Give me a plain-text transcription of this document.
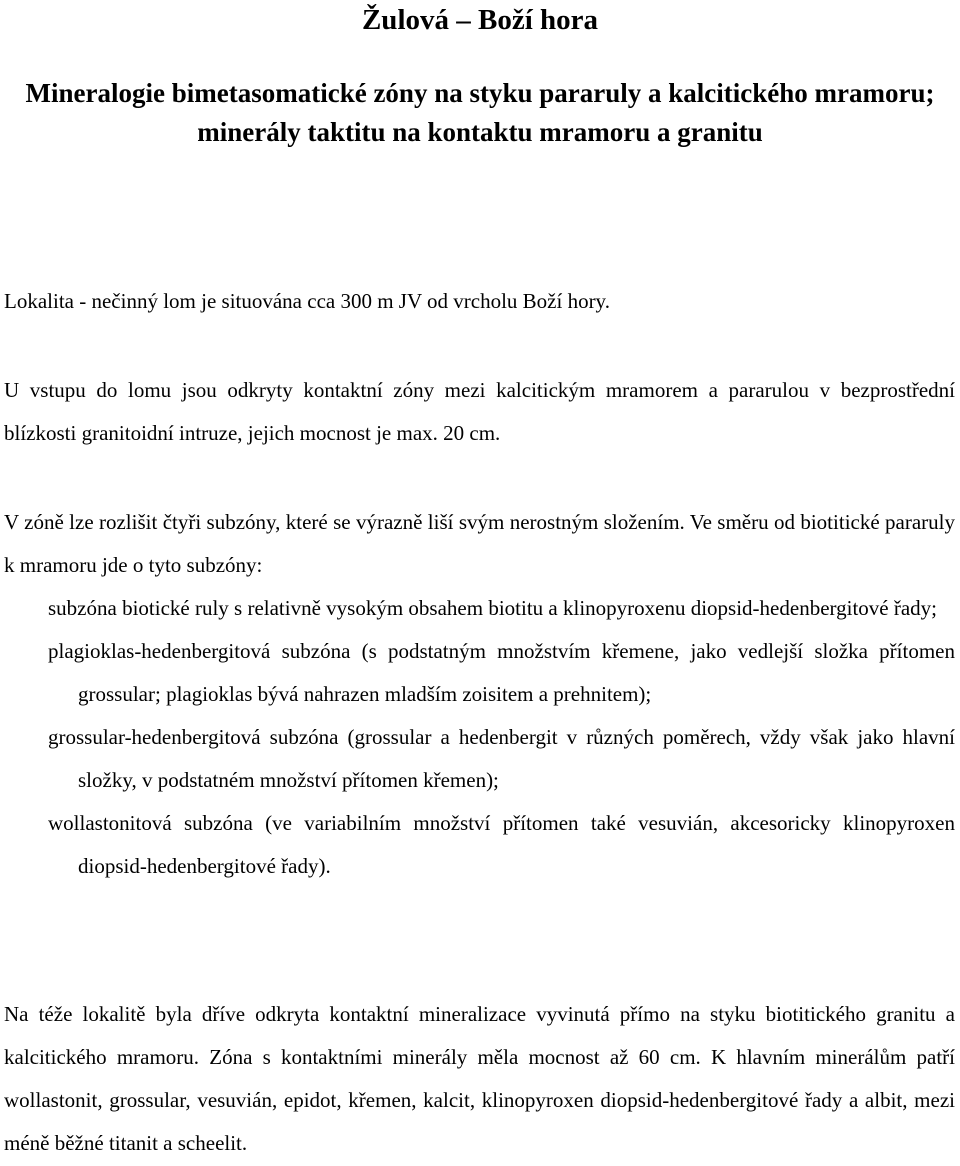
Žulová – Boží hora
Mineralogie bimetasomatické zóny na styku pararuly a kalcitického mramoru; minerály taktitu na kontaktu mramoru a granitu

Lokalita - nečinný lom je situována cca 300 m JV od vrcholu Boží hory.

U vstupu do lomu jsou odkryty kontaktní zóny mezi kalcitickým mramorem a pararulou v bezprostřední blízkosti granitoidní intruze, jejich mocnost je max. 20 cm.

V zóně lze rozlišit čtyři subzóny, které se výrazně liší svým nerostným složením. Ve směru od biotitické pararuly k mramoru jde o tyto subzóny:

subzóna biotické ruly s relativně vysokým obsahem biotitu a klinopyroxenu diopsid-hedenbergitové řady;
plagioklas-hedenbergitová subzóna (s podstatným množstvím křemene, jako vedlejší složka přítomen grossular; plagioklas bývá nahrazen mladším zoisitem a prehnitem);
grossular-hedenbergitová subzóna (grossular a hedenbergit v různých poměrech, vždy však jako hlavní složky, v podstatném množství přítomen křemen);
wollastonitová subzóna (ve variabilním množství přítomen také vesuvián, akcesoricky klinopyroxen diopsid-hedenbergitové řady).

Na téže lokalitě byla dříve odkryta kontaktní mineralizace vyvinutá přímo na styku biotitického granitu a kalcitického mramoru. Zóna s kontaktními minerály měla mocnost až 60 cm. K hlavním minerálům patří wollastonit, grossular, vesuvián, epidot, křemen, kalcit, klinopyroxen diopsid-hedenbergitové řady a albit, mezi méně běžné titanit a scheelit.
